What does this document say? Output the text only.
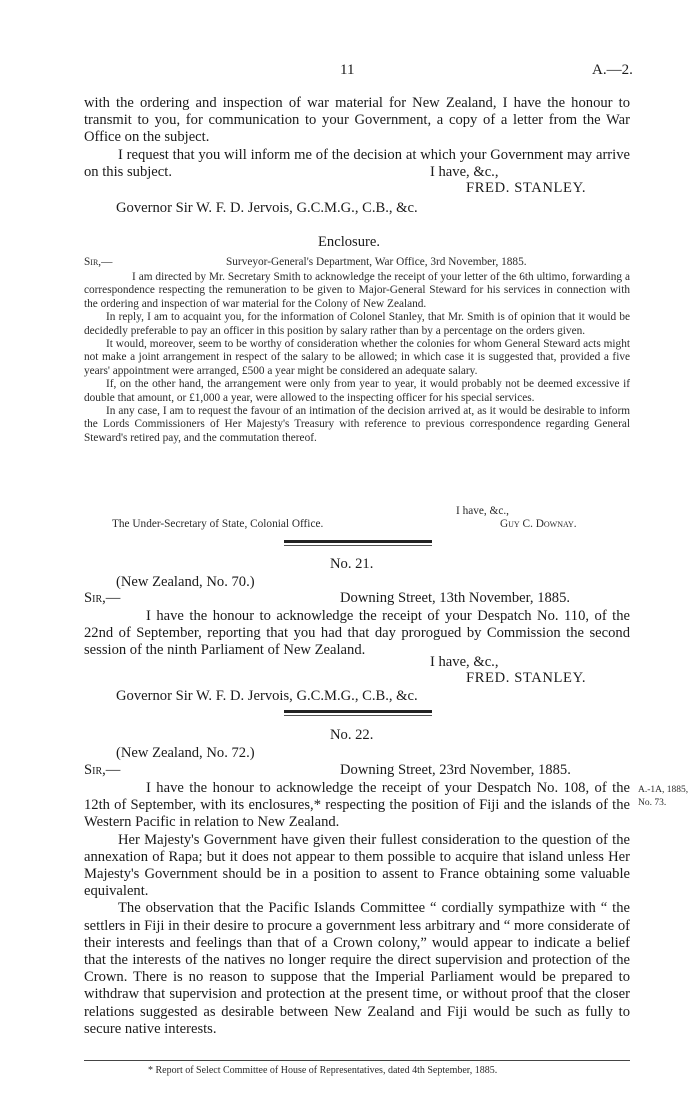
11	A.—2.

with the ordering and inspection of war material for New Zealand, I have the honour to transmit to you, for communication to your Government, a copy of a letter from the War Office on the subject.

I request that you will inform me of the decision at which your Government may arrive on this subject.	I have, &c.,
FRED. STANLEY.
Governor Sir W. F. D. Jervois, G.C.M.G., C.B., &c.
Enclosure.
Sir,—	Surveyor-General's Department, War Office, 3rd November, 1885.

I am directed by Mr. Secretary Smith to acknowledge the receipt of your letter of the 6th ultimo, forwarding a correspondence respecting the remuneration to be given to Major-General Steward for his services in connection with the ordering and inspection of war material for the Colony of New Zealand.

In reply, I am to acquaint you, for the information of Colonel Stanley, that Mr. Smith is of opinion that it would be decidedly preferable to pay an officer in this position by salary rather than by a percentage on the orders given.

It would, moreover, seem to be worthy of consideration whether the colonies for whom General Steward acts might not make a joint arrangement in respect of the salary to be allowed; in which case it is suggested that, provided a five years' appointment were arranged, £500 a year might be considered an adequate salary.

If, on the other hand, the arrangement were only from year to year, it would probably not be deemed excessive if double that amount, or £1,000 a year, were allowed to the inspecting officer for his special services.

In any case, I am to request the favour of an intimation of the decision arrived at, as it would be desirable to inform the Lords Commissioners of Her Majesty's Treasury with reference to previous correspondence regarding General Steward's retired pay, and the commutation thereof.

I have, &c.,
The Under-Secretary of State, Colonial Office.	Guy C. Downay.
No. 21.
(New Zealand, No. 70.)
Sir,—	Downing Street, 13th November, 1885.

I have the honour to acknowledge the receipt of your Despatch No. 110, of the 22nd of September, reporting that you had that day prorogued by Commission the second session of the ninth Parliament of New Zealand.

I have, &c.,
FRED. STANLEY.
Governor Sir W. F. D. Jervois, G.C.M.G., C.B., &c.
No. 22.
(New Zealand, No. 72.)
Sir,—	Downing Street, 23rd November, 1885.

I have the honour to acknowledge the receipt of your Despatch No. 108, of the 12th of September, with its enclosures,* respecting the position of Fiji and the islands of the Western Pacific in relation to New Zealand.

Her Majesty's Government have given their fullest consideration to the question of the annexation of Rapa; but it does not appear to them possible to acquire that island unless Her Majesty's Government should be in a position to assent to France obtaining some valuable equivalent.

The observation that the Pacific Islands Committee “ cordially sympathize with “ the settlers in Fiji in their desire to procure a government less arbitrary and “ more considerate of their interests and feelings than that of a Crown colony,” would appear to indicate a belief that the interests of the natives no longer require the direct supervision and protection of the Crown. There is no reason to suppose that the Imperial Parliament would be prepared to withdraw that supervision and protection at the present time, or without proof that the closer relations suggested as desirable between New Zealand and Fiji would be such as fully to secure native interests.

A.-1A, 1885,
No. 73.
* Report of Select Committee of House of Representatives, dated 4th September, 1885.
